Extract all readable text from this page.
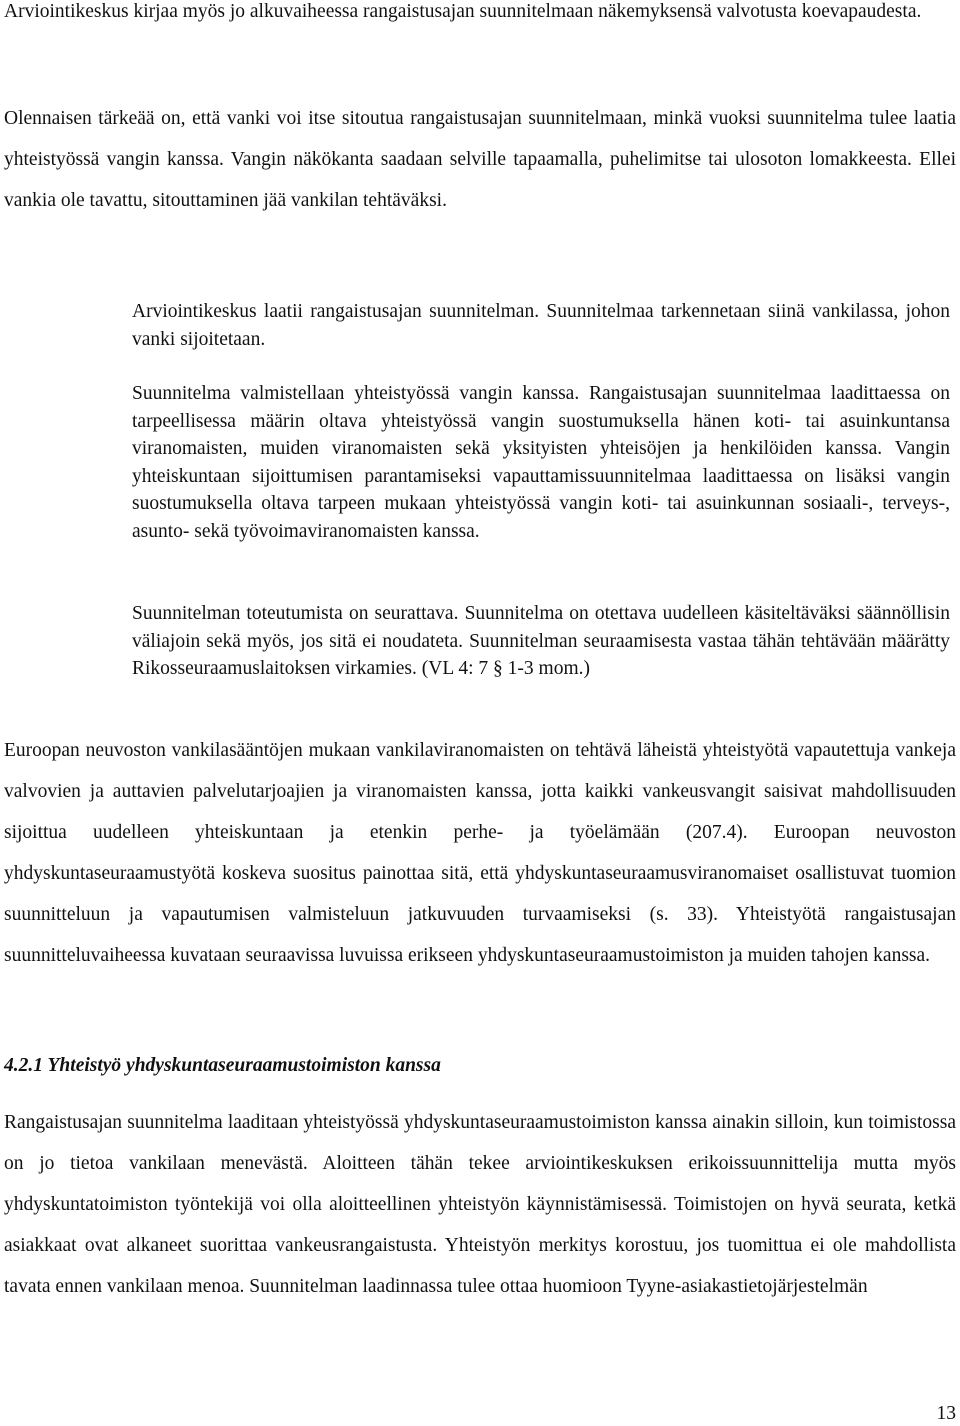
Arviointikeskus kirjaa myös jo alkuvaiheessa rangaistusajan suunnitelmaan näkemyksensä valvotusta koevapaudesta.

Olennaisen tärkeää on, että vanki voi itse sitoutua rangaistusajan suunnitelmaan, minkä vuoksi suunnitelma tulee laatia yhteistyössä vangin kanssa. Vangin näkökanta saadaan selville tapaamalla, puhelimitse tai ulosoton lomakkeesta. Ellei vankia ole tavattu, sitouttaminen jää vankilan tehtäväksi.

Arviointikeskus laatii rangaistusajan suunnitelman. Suunnitelmaa tarkennetaan siinä vankilassa, johon vanki sijoitetaan.

Suunnitelma valmistellaan yhteistyössä vangin kanssa. Rangaistusajan suunnitelmaa laadittaessa on tarpeellisessa määrin oltava yhteistyössä vangin suostumuksella hänen koti- tai asuinkuntansa viranomaisten, muiden viranomaisten sekä yksityisten yhteisöjen ja henkilöiden kanssa. Vangin yhteiskuntaan sijoittumisen parantamiseksi vapauttamissuunnitelmaa laadittaessa on lisäksi vangin suostumuksella oltava tarpeen mukaan yhteistyössä vangin koti- tai asuinkunnan sosiaali-, terveys-, asunto- sekä työvoimaviranomaisten kanssa.

Suunnitelman toteutumista on seurattava. Suunnitelma on otettava uudelleen käsiteltäväksi säännöllisin väliajoin sekä myös, jos sitä ei noudateta. Suunnitelman seuraamisesta vastaa tähän tehtävään määrätty Rikosseuraamuslaitoksen virkamies. (VL 4: 7 § 1-3 mom.)

Euroopan neuvoston vankilasääntöjen mukaan vankilaviranomaisten on tehtävä läheistä yhteistyötä vapautettuja vankeja valvovien ja auttavien palvelutarjoajien ja viranomaisten kanssa, jotta kaikki vankeusvangit saisivat mahdollisuuden sijoittua uudelleen yhteiskuntaan ja etenkin perhe- ja työelämään (207.4). Euroopan neuvoston yhdyskuntaseuraamustyötä koskeva suositus painottaa sitä, että yhdyskuntaseuraamusviranomaiset osallistuvat tuomion suunnitteluun ja vapautumisen valmisteluun jatkuvuuden turvaamiseksi (s. 33). Yhteistyötä rangaistusajan suunnitteluvaiheessa kuvataan seuraavissa luvuissa erikseen yhdyskuntaseuraamustoimiston ja muiden tahojen kanssa.

4.2.1 Yhteistyö yhdyskuntaseuraamustoimiston kanssa

Rangaistusajan suunnitelma laaditaan yhteistyössä yhdyskuntaseuraamustoimiston kanssa ainakin silloin, kun toimistossa on jo tietoa vankilaan menevästä. Aloitteen tähän tekee arviointikeskuksen erikoissuunnittelija mutta myös yhdyskuntatoimiston työntekijä voi olla aloitteellinen yhteistyön käynnistämisessä. Toimistojen on hyvä seurata, ketkä asiakkaat ovat alkaneet suorittaa vankeusrangaistusta. Yhteistyön merkitys korostuu, jos tuomittua ei ole mahdollista tavata ennen vankilaan menoa. Suunnitelman laadinnassa tulee ottaa huomioon Tyyne-asiakastietojärjestelmän

13
